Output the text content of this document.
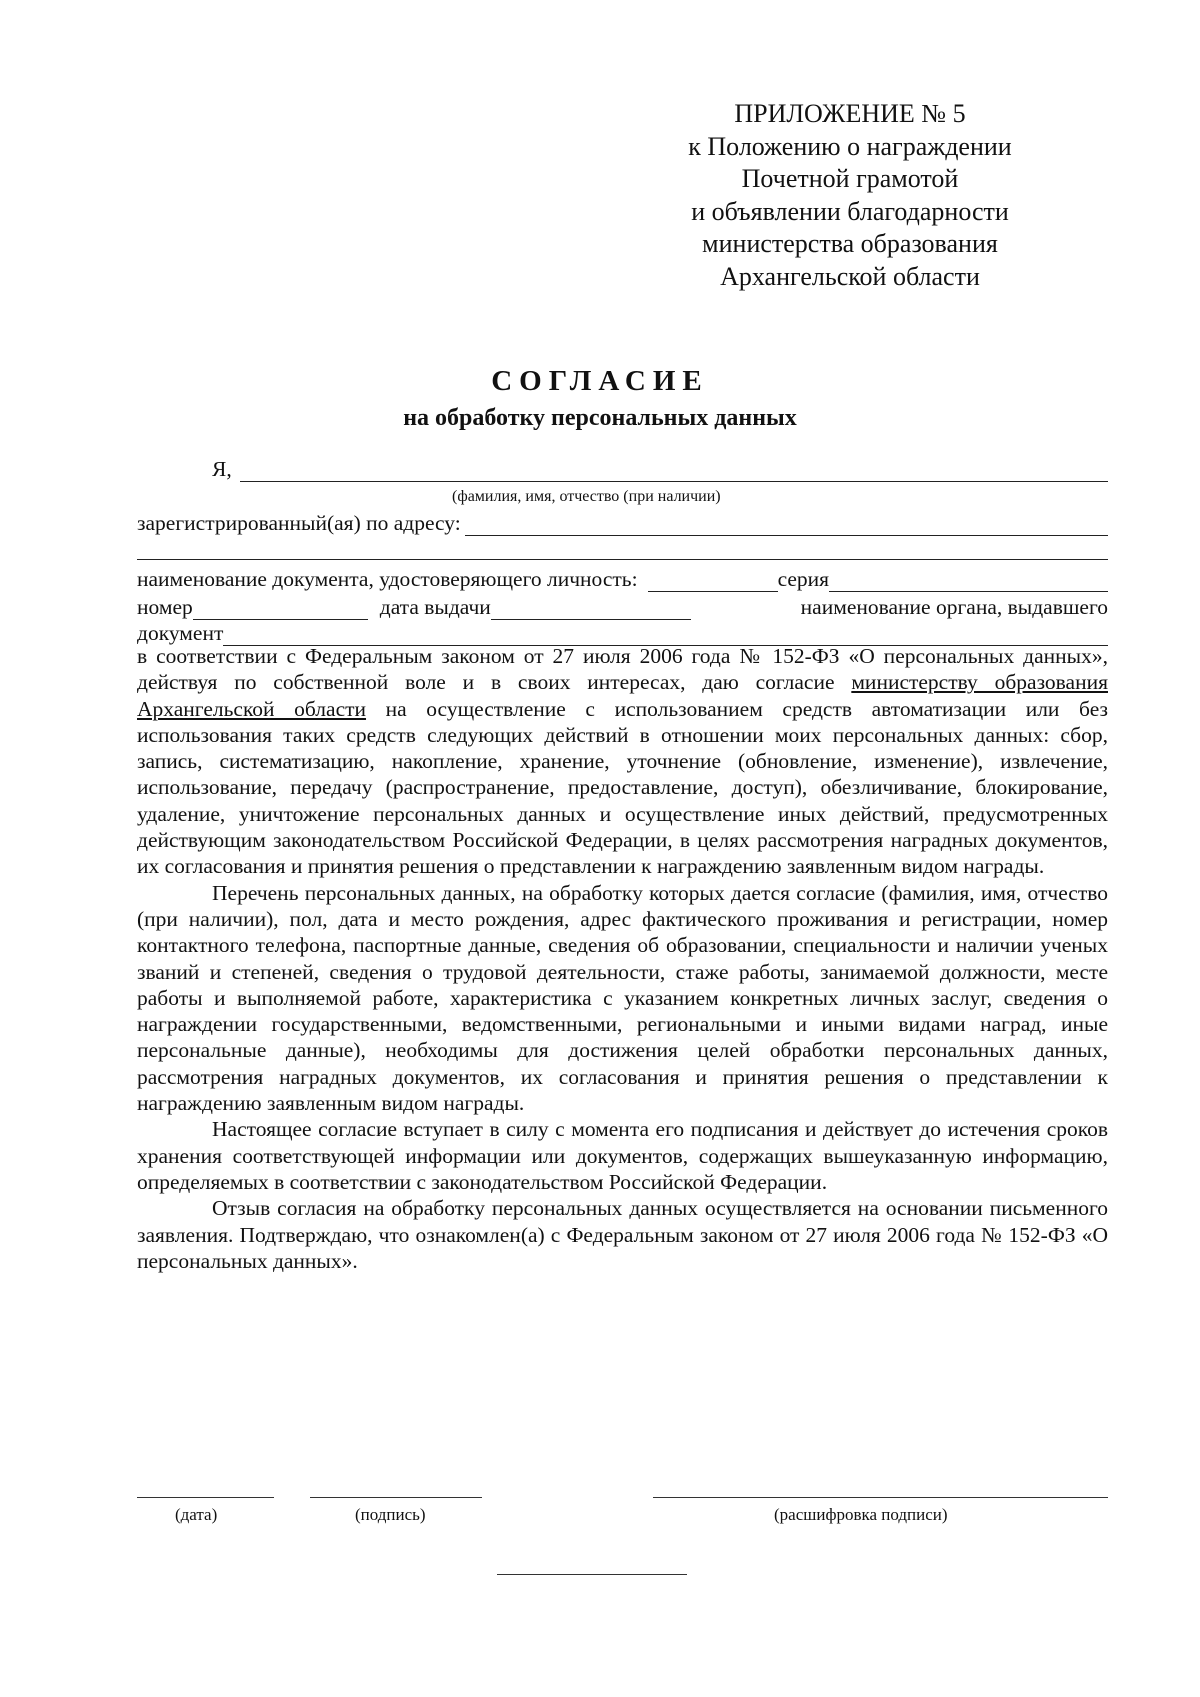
ПРИЛОЖЕНИЕ № 5
к Положению о награждении
Почетной грамотой
и объявлении благодарности
министерства образования
Архангельской области
СОГЛАСИЕ
на обработку персональных данных
Я,
(фамилия, имя, отчество (при наличии)
зарегистрированный(ая) по адресу:
наименование документа, удостоверяющего личность:	серия
номер	дата выдачи	наименование органа, выдавшего
документ

в соответствии с Федеральным законом от 27 июля 2006 года № 152-ФЗ «О персональных данных», действуя по собственной воле и в своих интересах, даю согласие министерству образования Архангельской области на осуществление с использованием средств автоматизации или без использования таких средств следующих действий в отношении моих персональных данных: сбор, запись, систематизацию, накопление, хранение, уточнение (обновление, изменение), извлечение, использование, передачу (распространение, предоставление, доступ), обезличивание, блокирование, удаление, уничтожение персональных данных и осуществление иных действий, предусмотренных действующим законодательством Российской Федерации, в целях рассмотрения наградных документов, их согласования и принятия решения о представлении к награждению заявленным видом награды.

Перечень персональных данных, на обработку которых дается согласие (фамилия, имя, отчество (при наличии), пол, дата и место рождения, адрес фактического проживания и регистрации, номер контактного телефона, паспортные данные, сведения об образовании, специальности и наличии ученых званий и степеней, сведения о трудовой деятельности, стаже работы, занимаемой должности, месте работы и выполняемой работе, характеристика с указанием конкретных личных заслуг, сведения о награждении государственными, ведомственными, региональными и иными видами наград, иные персональные данные), необходимы для достижения целей обработки персональных данных, рассмотрения наградных документов, их согласования и принятия решения о представлении к награждению заявленным видом награды.

Настоящее согласие вступает в силу с момента его подписания и действует до истечения сроков хранения соответствующей информации или документов, содержащих вышеуказанную информацию, определяемых в соответствии с законодательством Российской Федерации.

Отзыв согласия на обработку персональных данных осуществляется на основании письменного заявления. Подтверждаю, что ознакомлен(а) с Федеральным законом от 27 июля 2006 года № 152-ФЗ «О персональных данных».

(дата)	(подпись)	(расшифровка подписи)
